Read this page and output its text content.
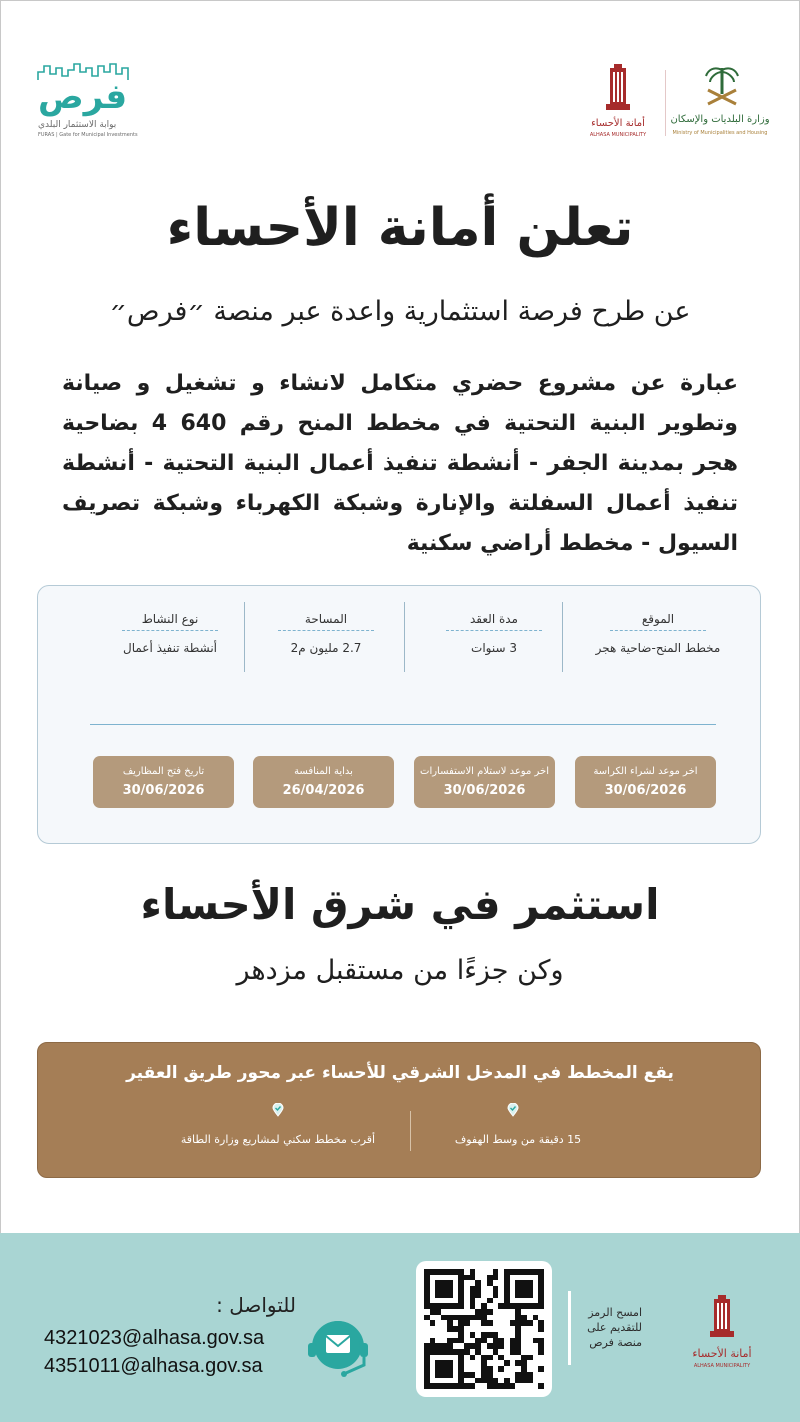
فرص
بوابة الاستثمار البلدي
FURAS | Gate for Municipal Investments
أمانة الأحساء
ALHASA MUNICIPALITY
وزارة البلديات والإسكان
Ministry of Municipalities and Housing
تعلن أمانة الأحساء
عن طرح فرصة استثمارية واعدة عبر منصة ״فرص״

عبارة عن مشروع حضري متكامل لانشاء و تشغيل و صيانة وتطوير البنية التحتية في مخطط المنح رقم 640 4 بضاحية هجر بمدينة الجفر - أنشطة تنفيذ أعمال البنية التحتية - أنشطة تنفيذ أعمال السفلتة والإنارة وشبكة الكهرباء وشبكة تصريف السيول - مخطط أراضي سكنية

الموقع
مخطط المنح-ضاحية هجر
مدة العقد
3 سنوات
المساحة
2.7 مليون م2
نوع النشاط
أنشطة تنفيذ أعمال
اخر موعد لشراء الكراسة
30/06/2026
اخر موعد لاستلام الاستفسارات
30/06/2026
بداية المنافسة
26/04/2026
تاريخ فتح المظاريف
30/06/2026
استثمر في شرق الأحساء
وكن جزءًا من مستقبل مزدهر
يقع المخطط في المدخل الشرقي للأحساء عبر محور طريق العقير
15 دقيقة من وسط الهفوف
أقرب مخطط سكني لمشاريع وزارة الطاقة
للتواصل :
4321023@alhasa.gov.sa
4351011@alhasa.gov.sa
امسح الرمز للتقديم على منصة فرص
أمانة الأحساء
ALHASA MUNICIPALITY
